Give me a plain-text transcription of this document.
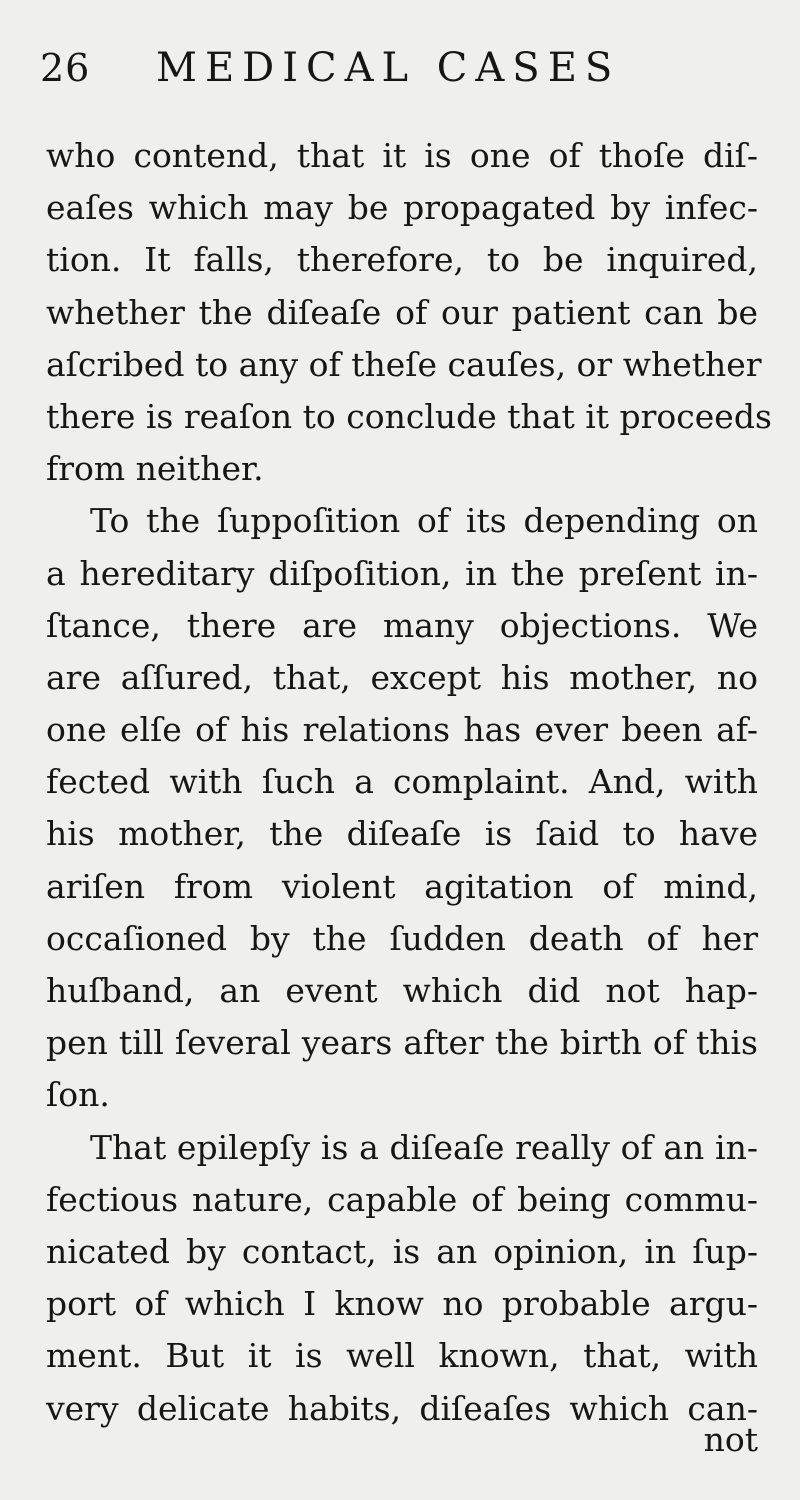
26 MEDICAL CASES
who contend, that it is one of thoſe diſ-
eaſes which may be propagated by infec-
tion. It falls, therefore, to be inquired,
whether the diſeaſe of our patient can be
aſcribed to any of theſe cauſes, or whether
there is reaſon to conclude that it proceeds
from neither.
To the ſuppoſition of its depending on
a hereditary diſpoſition, in the preſent in-
ſtance, there are many objections. We
are aſſured, that, except his mother, no
one elſe of his relations has ever been af-
fected with ſuch a complaint. And, with
his mother, the diſeaſe is ſaid to have
ariſen from violent agitation of mind,
occaſioned by the ſudden death of her
huſband, an event which did not hap-
pen till ſeveral years after the birth of this
ſon.
That epilepſy is a diſeaſe really of an in-
fectious nature, capable of being commu-
nicated by contact, is an opinion, in ſup-
port of which I know no probable argu-
ment. But it is well known, that, with
very delicate habits, diſeaſes which can-
not
